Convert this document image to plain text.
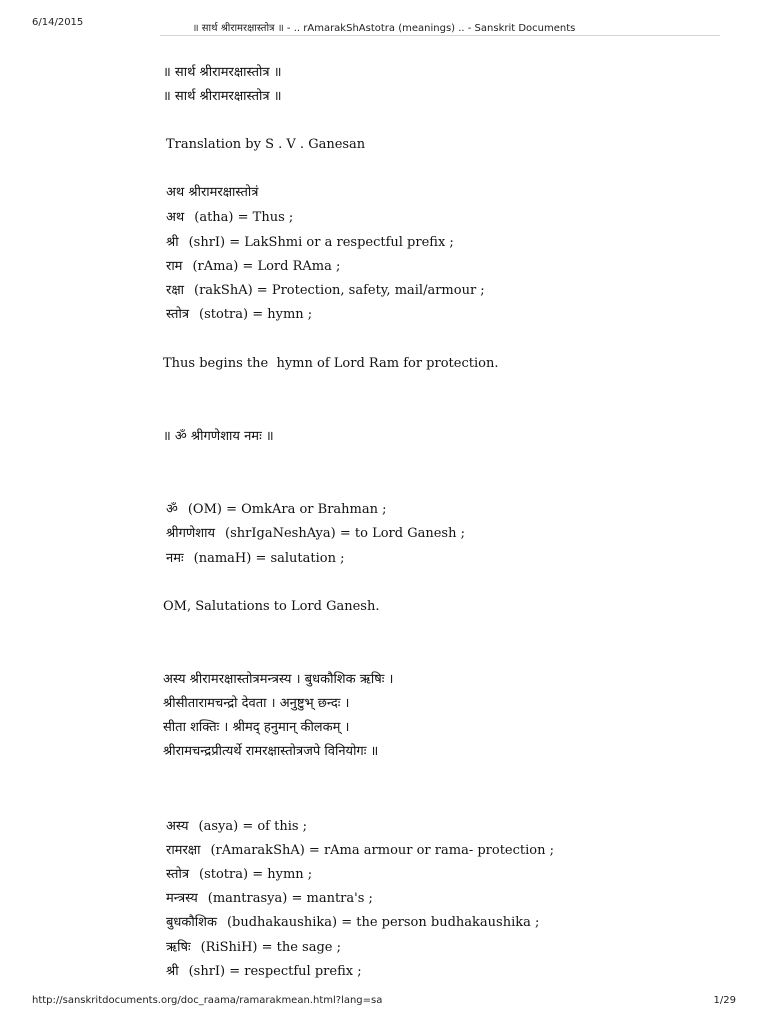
6/14/2015
॥ सार्थ श्रीरामरक्षास्तोत्र ॥ - .. rAmarakShAstotra (meanings) .. - Sanskrit Documents
॥ सार्थ श्रीरामरक्षास्तोत्र ॥
॥ सार्थ श्रीरामरक्षास्तोत्र ॥
Translation by S . V . Ganesan
अथ श्रीरामरक्षास्तोत्रं
अथ (atha) = Thus ;
श्री (shrI) = LakShmi or a respectful prefix ;
राम (rAma) = Lord RAma ;
रक्षा (rakShA) = Protection, safety, mail/armour ;
स्तोत्र (stotra) = hymn ;
Thus begins the  hymn of Lord Ram for protection.
॥ ॐ श्रीगणेशाय नमः ॥
ॐ (OM) = OmkAra or Brahman ;
श्रीगणेशाय (shrIgaNeshAya) = to Lord Ganesh ;
नमः (namaH) = salutation ;
OM, Salutations to Lord Ganesh.
अस्य श्रीरामरक्षास्तोत्रमन्त्रस्य । बुधकौशिक ऋषिः ।
श्रीसीतारामचन्द्रो देवता । अनुष्टुभ् छन्दः ।
सीता शक्तिः । श्रीमद् हनुमान् कीलकम् ।
श्रीरामचन्द्रप्रीत्यर्थे रामरक्षास्तोत्रजपे विनियोगः ॥
अस्य (asya) = of this ;
रामरक्षा (rAmarakShA) = rAma armour or rama- protection ;
स्तोत्र (stotra) = hymn ;
मन्त्रस्य (mantrasya) = mantra's ;
बुधकौशिक (budhakaushika) = the person budhakaushika ;
ऋषिः (RiShiH) = the sage ;
श्री (shrI) = respectful prefix ;
http://sanskritdocuments.org/doc_raama/ramarakmean.html?lang=sa	1/29
